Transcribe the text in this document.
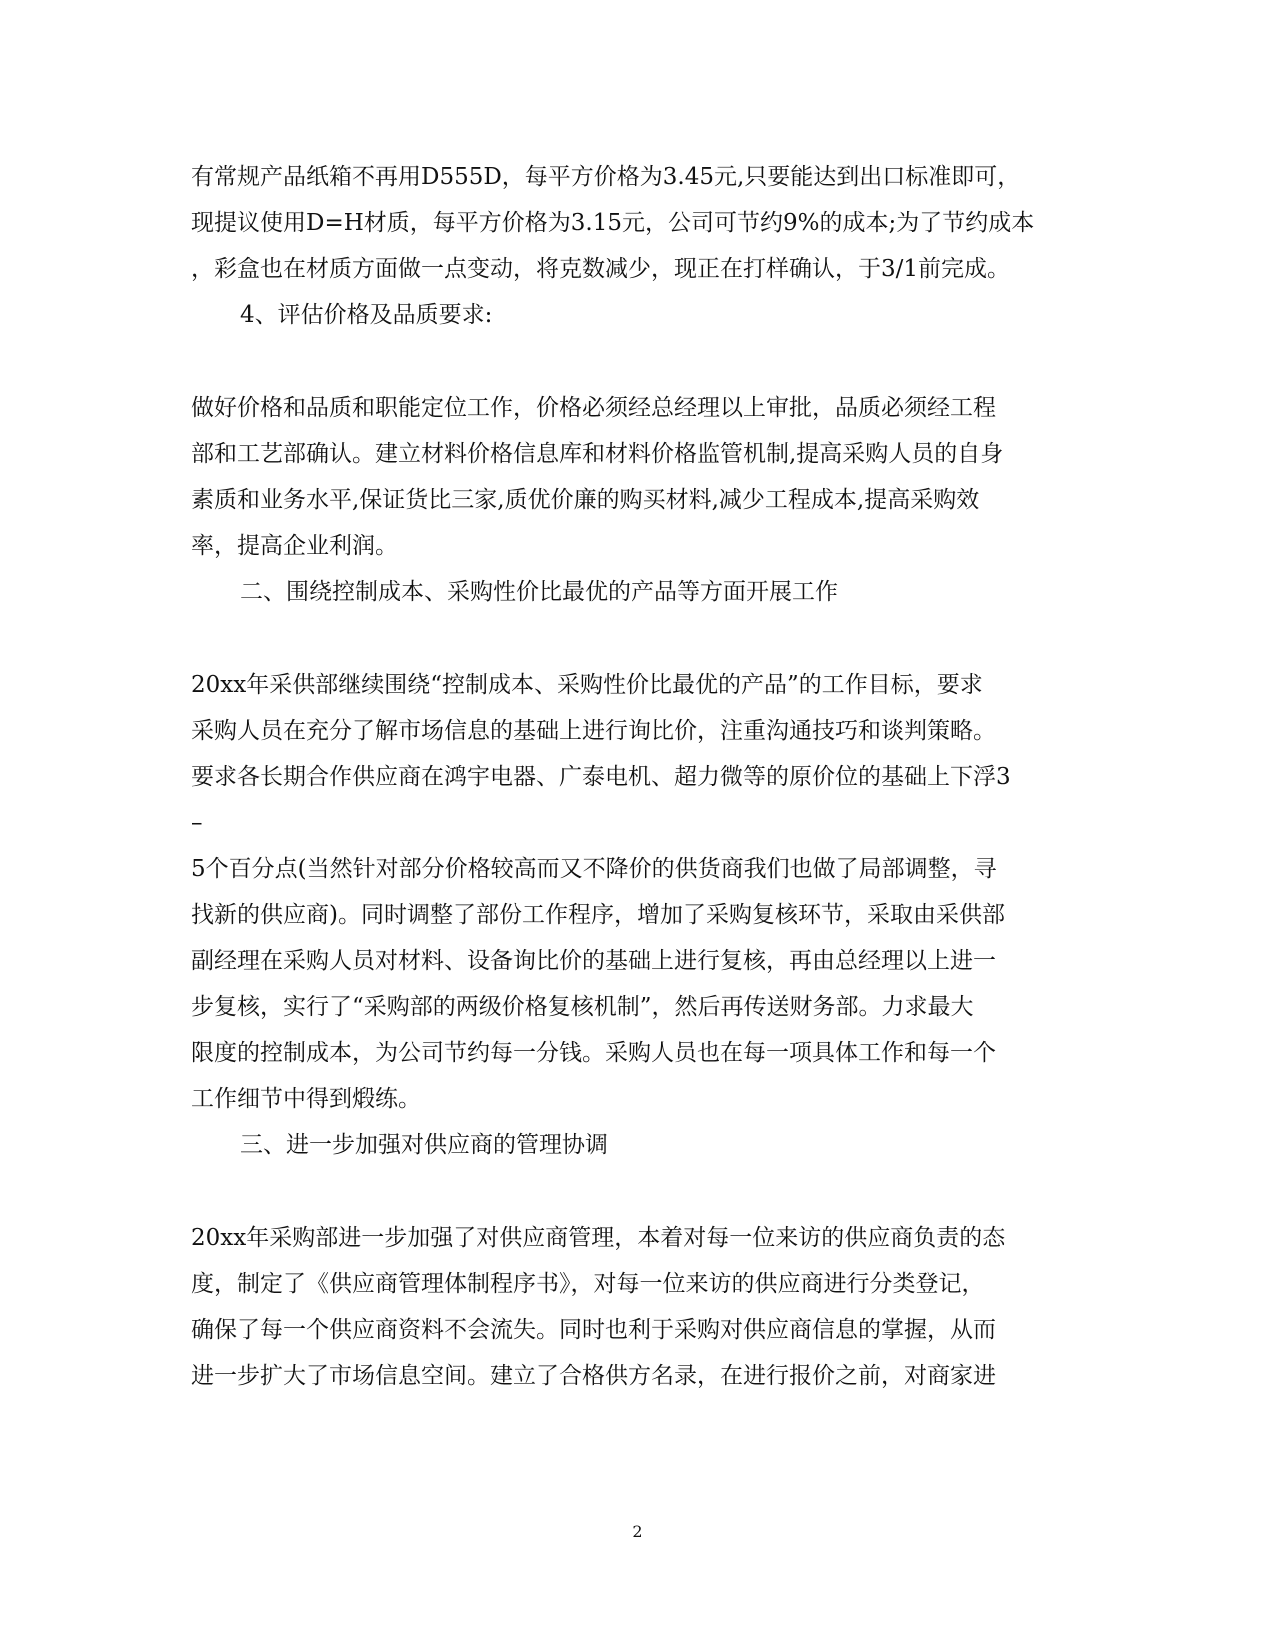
有常规产品纸箱不再用D555D，每平方价格为3.45元,只要能达到出口标准即可，
现提议使用D=H材质，每平方价格为3.15元，公司可节约9%的成本;为了节约成本
，彩盒也在材质方面做一点变动，将克数减少，现正在打样确认，于3/1前完成。
4、评估价格及品质要求:
做好价格和品质和职能定位工作，价格必须经总经理以上审批，品质必须经工程
部和工艺部确认。建立材料价格信息库和材料价格监管机制,提高采购人员的自身
素质和业务水平,保证货比三家,质优价廉的购买材料,减少工程成本,提高采购效
率，提高企业利润。
二、围绕控制成本、采购性价比最优的产品等方面开展工作
20xx年采供部继续围绕“控制成本、采购性价比最优的产品”的工作目标，要求
采购人员在充分了解市场信息的基础上进行询比价，注重沟通技巧和谈判策略。
要求各长期合作供应商在鸿宇电器、广泰电机、超力微等的原价位的基础上下浮3
–
5个百分点(当然针对部分价格较高而又不降价的供货商我们也做了局部调整，寻
找新的供应商)。同时调整了部份工作程序，增加了采购复核环节，采取由采供部
副经理在采购人员对材料、设备询比价的基础上进行复核，再由总经理以上进一
步复核，实行了“采购部的两级价格复核机制”，然后再传送财务部。力求最大
限度的控制成本，为公司节约每一分钱。采购人员也在每一项具体工作和每一个
工作细节中得到煅练。
三、进一步加强对供应商的管理协调
20xx年采购部进一步加强了对供应商管理，本着对每一位来访的供应商负责的态
度，制定了《供应商管理体制程序书》，对每一位来访的供应商进行分类登记，
确保了每一个供应商资料不会流失。同时也利于采购对供应商信息的掌握，从而
进一步扩大了市场信息空间。建立了合格供方名录，在进行报价之前，对商家进
2
